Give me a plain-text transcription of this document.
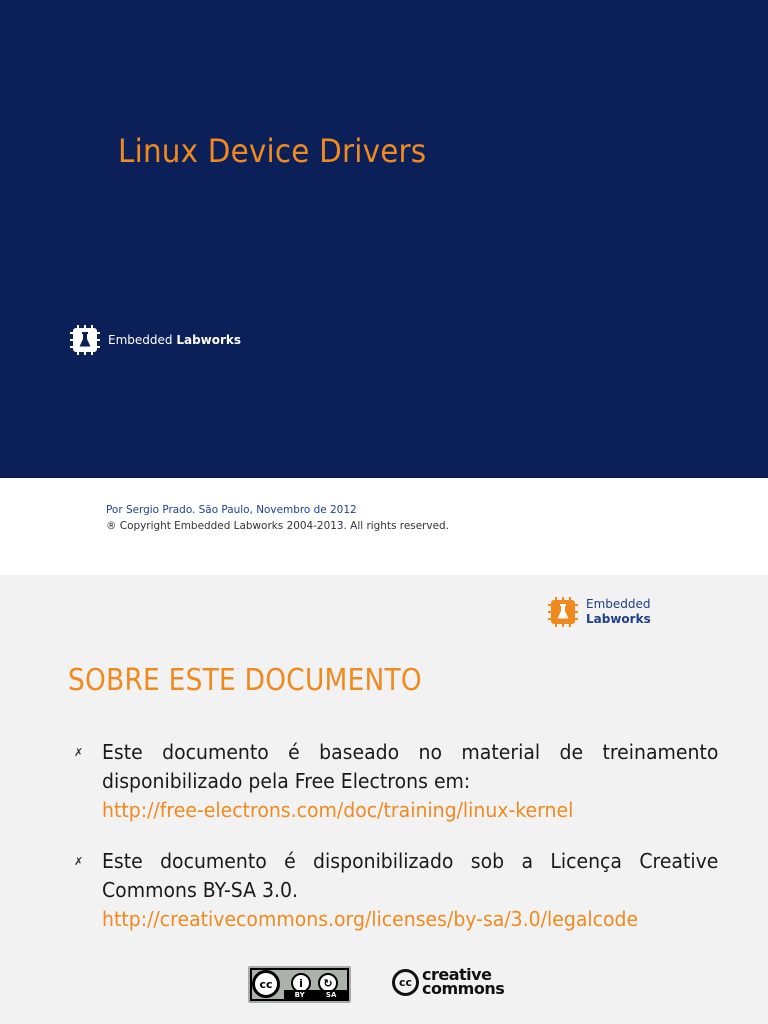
Linux Device Drivers
Embedded Labworks
Por Sergio Prado. São Paulo, Novembro de 2012
® Copyright Embedded Labworks 2004-2013. All rights reserved.
Embedded
Labworks
SOBRE ESTE DOCUMENTO
✗ Este documento é baseado no material de treinamento disponibilizado pela Free Electrons em:
http://free-electrons.com/doc/training/linux-kernel
✗ Este documento é disponibilizado sob a Licença Creative Commons BY-SA 3.0.
http://creativecommons.org/licenses/by-sa/3.0/legalcode
cc	i	↻
BY	SA
cc creative
commons
